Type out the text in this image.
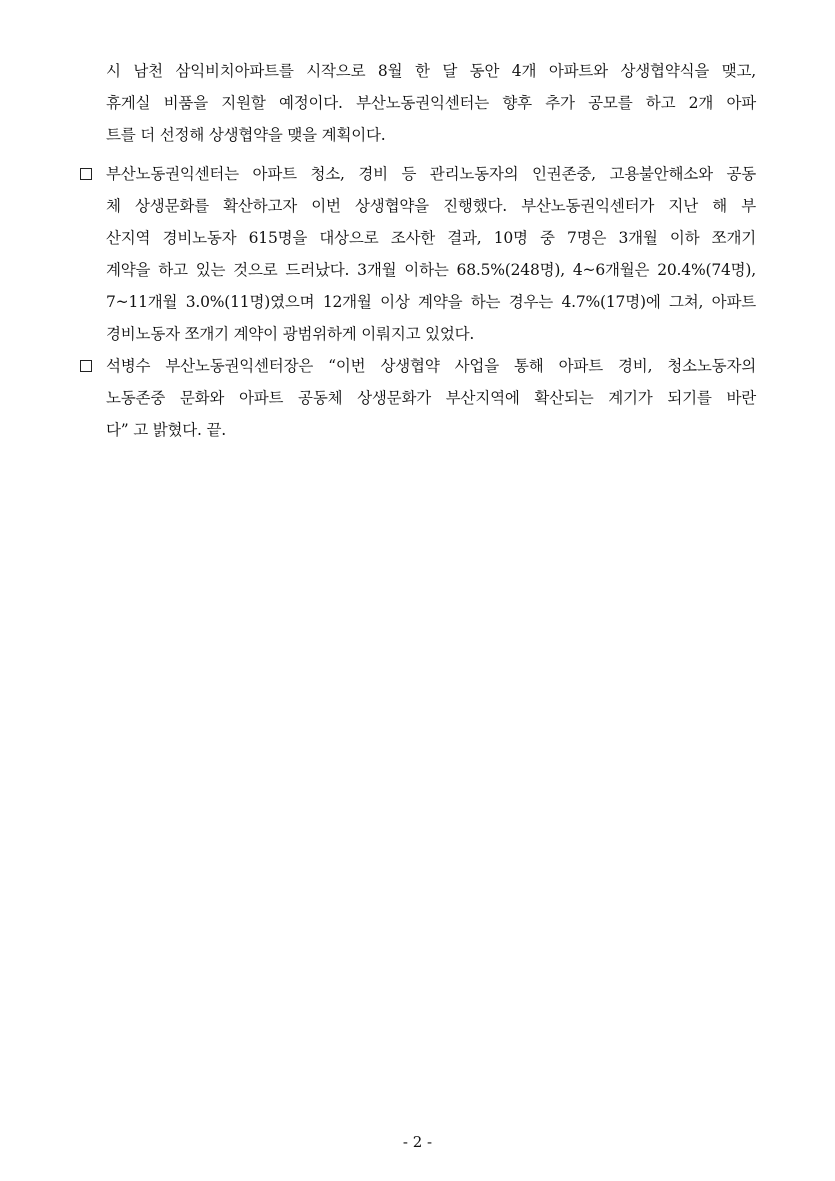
시 남천 삼익비치아파트를 시작으로 8월 한 달 동안 4개 아파트와 상생협약식을 맺고,
휴게실 비품을 지원할 예정이다. 부산노동권익센터는 향후 추가 공모를 하고 2개 아파
트를 더 선정해 상생협약을 맺을 계획이다.
부산노동권익센터는 아파트 청소, 경비 등 관리노동자의 인권존중, 고용불안해소와 공동
체 상생문화를 확산하고자 이번 상생협약을 진행했다. 부산노동권익센터가 지난 해 부
산지역 경비노동자 615명을 대상으로 조사한 결과, 10명 중 7명은 3개월 이하 쪼개기
계약을 하고 있는 것으로 드러났다. 3개월 이하는 68.5%(248명), 4~6개월은 20.4%(74명),
7~11개월 3.0%(11명)였으며 12개월 이상 계약을 하는 경우는 4.7%(17명)에 그쳐, 아파트
경비노동자 쪼개기 계약이 광범위하게 이뤄지고 있었다.
석병수 부산노동권익센터장은 “이번 상생협약 사업을 통해 아파트 경비, 청소노동자의
노동존중 문화와 아파트 공동체 상생문화가 부산지역에 확산되는 계기가 되기를 바란
다” 고 밝혔다. 끝.
- 2 -
